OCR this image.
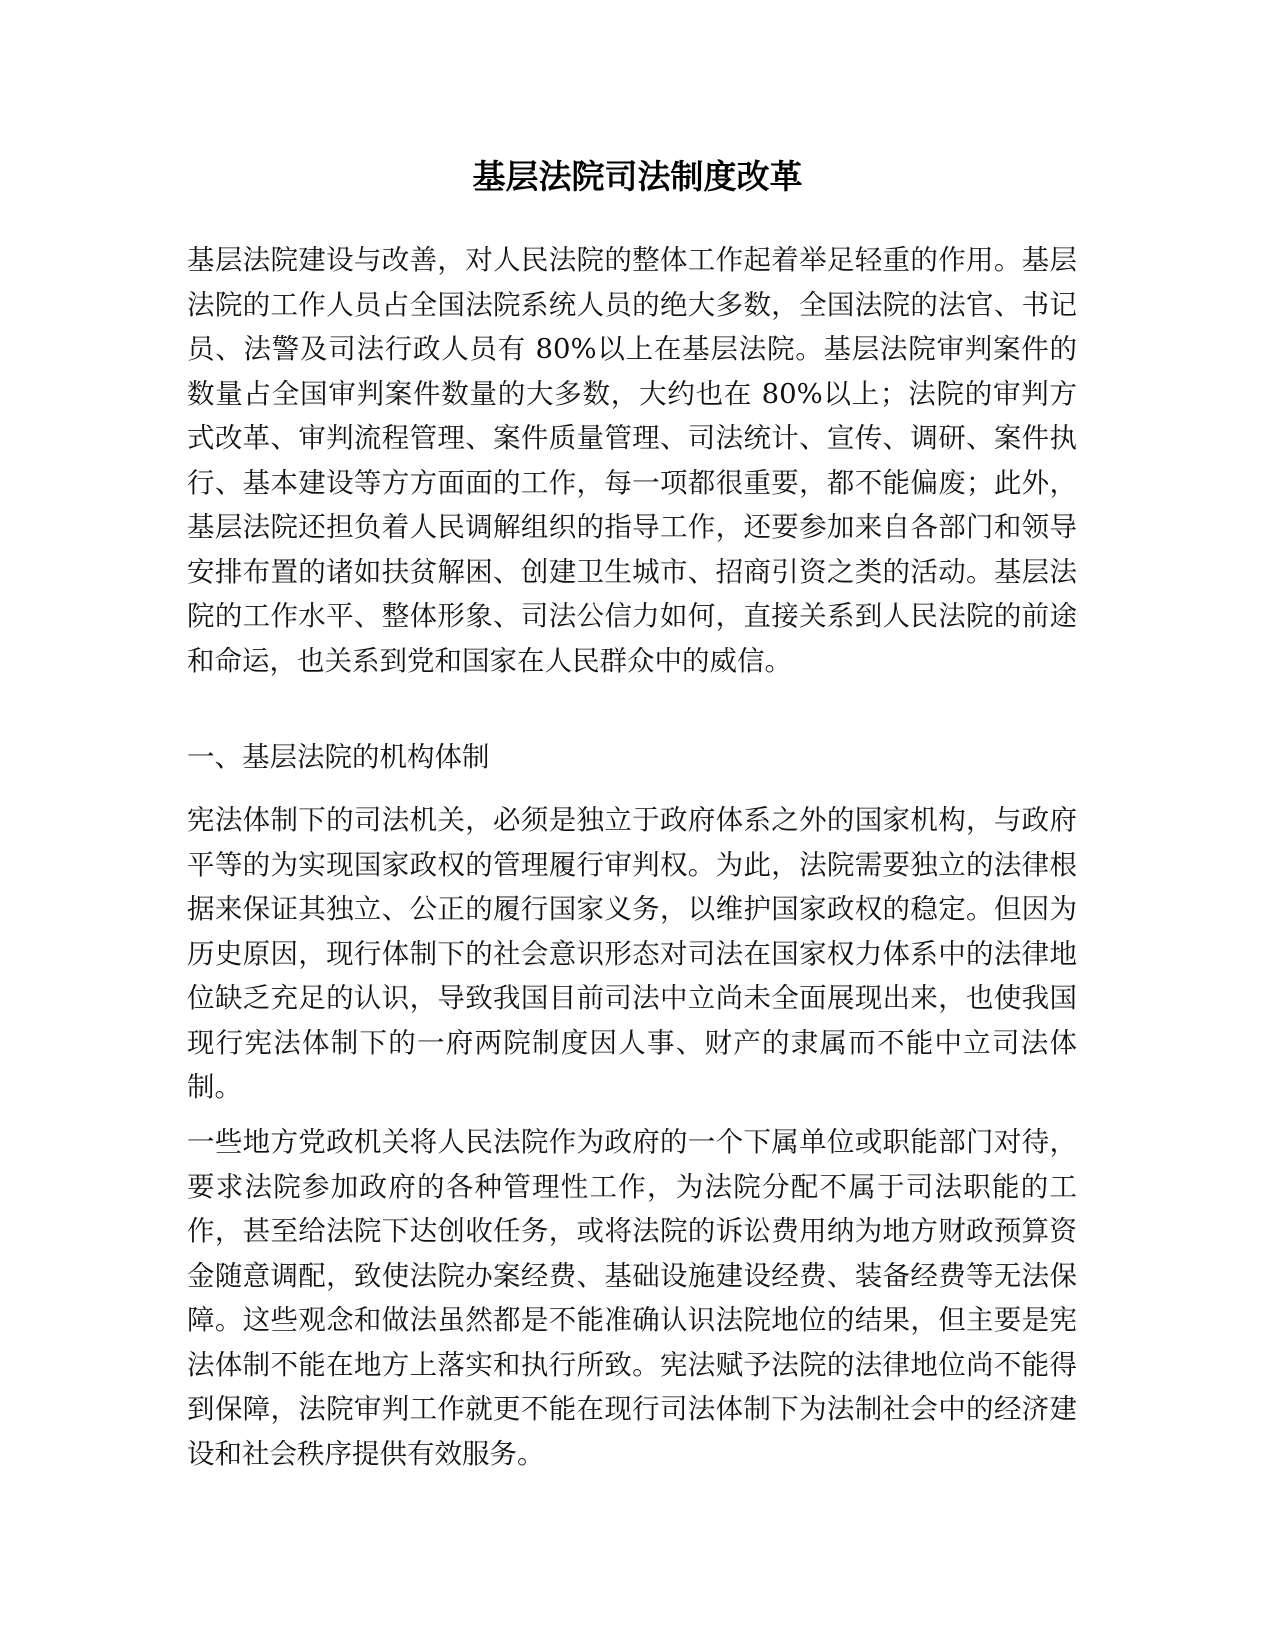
基层法院司法制度改革

基层法院建设与改善，对人民法院的整体工作起着举足轻重的作用。基层法院的工作人员占全国法院系统人员的绝大多数，全国法院的法官、书记员、法警及司法行政人员有 80%以上在基层法院。基层法院审判案件的数量占全国审判案件数量的大多数，大约也在 80%以上；法院的审判方式改革、审判流程管理、案件质量管理、司法统计、宣传、调研、案件执行、基本建设等方方面面的工作，每一项都很重要，都不能偏废；此外，基层法院还担负着人民调解组织的指导工作，还要参加来自各部门和领导安排布置的诸如扶贫解困、创建卫生城市、招商引资之类的活动。基层法院的工作水平、整体形象、司法公信力如何，直接关系到人民法院的前途和命运，也关系到党和国家在人民群众中的威信。

一、基层法院的机构体制

宪法体制下的司法机关，必须是独立于政府体系之外的国家机构，与政府平等的为实现国家政权的管理履行审判权。为此，法院需要独立的法律根据来保证其独立、公正的履行国家义务，以维护国家政权的稳定。但因为历史原因，现行体制下的社会意识形态对司法在国家权力体系中的法律地位缺乏充足的认识，导致我国目前司法中立尚未全面展现出来，也使我国现行宪法体制下的一府两院制度因人事、财产的隶属而不能中立司法体制。

一些地方党政机关将人民法院作为政府的一个下属单位或职能部门对待，要求法院参加政府的各种管理性工作，为法院分配不属于司法职能的工作，甚至给法院下达创收任务，或将法院的诉讼费用纳为地方财政预算资金随意调配，致使法院办案经费、基础设施建设经费、装备经费等无法保障。这些观念和做法虽然都是不能准确认识法院地位的结果，但主要是宪法体制不能在地方上落实和执行所致。宪法赋予法院的法律地位尚不能得到保障，法院审判工作就更不能在现行司法体制下为法制社会中的经济建设和社会秩序提供有效服务。
